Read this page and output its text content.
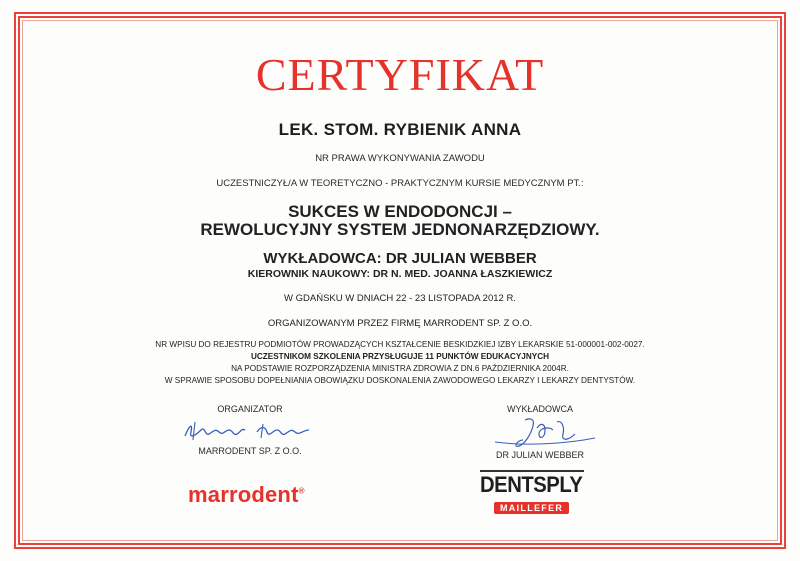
CERTYFIKAT
LEK. STOM. RYBIENIK ANNA
NR PRAWA WYKONYWANIA ZAWODU
UCZESTNICZYŁ/A W TEORETYCZNO - PRAKTYCZNYM KURSIE MEDYCZNYM PT.:
SUKCES W ENDODONCJI –
REWOLUCYJNY SYSTEM JEDNONARZĘDZIOWY.
WYKŁADOWCA: DR JULIAN WEBBER
KIEROWNIK NAUKOWY: DR N. MED. JOANNA ŁASZKIEWICZ
W GDAŃSKU W DNIACH 22 - 23 LISTOPADA 2012 R.
ORGANIZOWANYM PRZEZ FIRMĘ MARRODENT SP. Z O.O.
NR WPISU DO REJESTRU PODMIOTÓW PROWADZĄCYCH KSZTAŁCENIE BESKIDZKIEJ IZBY LEKARSKIE 51-000001-002-0027.
UCZESTNIKOM SZKOLENIA PRZYSŁUGUJE 11 PUNKTÓW EDUKACYJNYCH
NA PODSTAWIE ROZPORZĄDZENIA MINISTRA ZDROWIA Z DN.6 PAŹDZIERNIKA 2004R.
W SPRAWIE SPOSOBU DOPEŁNIANIA OBOWIĄZKU DOSKONALENIA ZAWODOWEGO LEKARZY I LEKARZY DENTYSTÓW.
ORGANIZATOR
MARRODENT SP. Z O.O.
WYKŁADOWCA
DR JULIAN WEBBER
marrodent®	DENTSPLY
MAILLEFER
